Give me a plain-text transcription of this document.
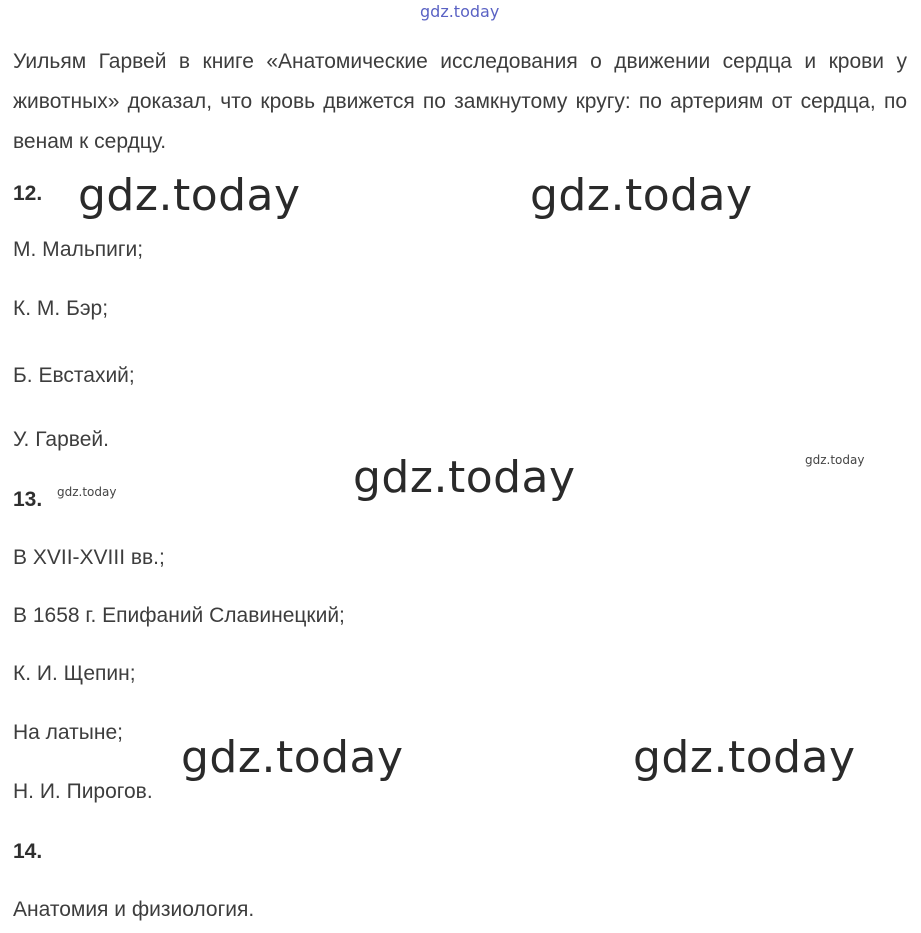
gdz.today
Уильям Гарвей в книге «Анатомические исследования о движении сердца и крови у животных» доказал, что кровь движется по замкнутому кругу: по артериям от сердца, по венам к сердцу.
12. gdz.today	gdz.today
М. Мальпиги;
К. М. Бэр;
Б. Евстахий;
У. Гарвей.
gdz.today	gdz.today
13. gdz.today
В XVII-XVIII вв.;
В 1658 г. Епифаний Славинецкий;
К. И. Щепин;
На латыне; gdz.today	gdz.today
Н. И. Пирогов.
14.
Анатомия и физиология.
